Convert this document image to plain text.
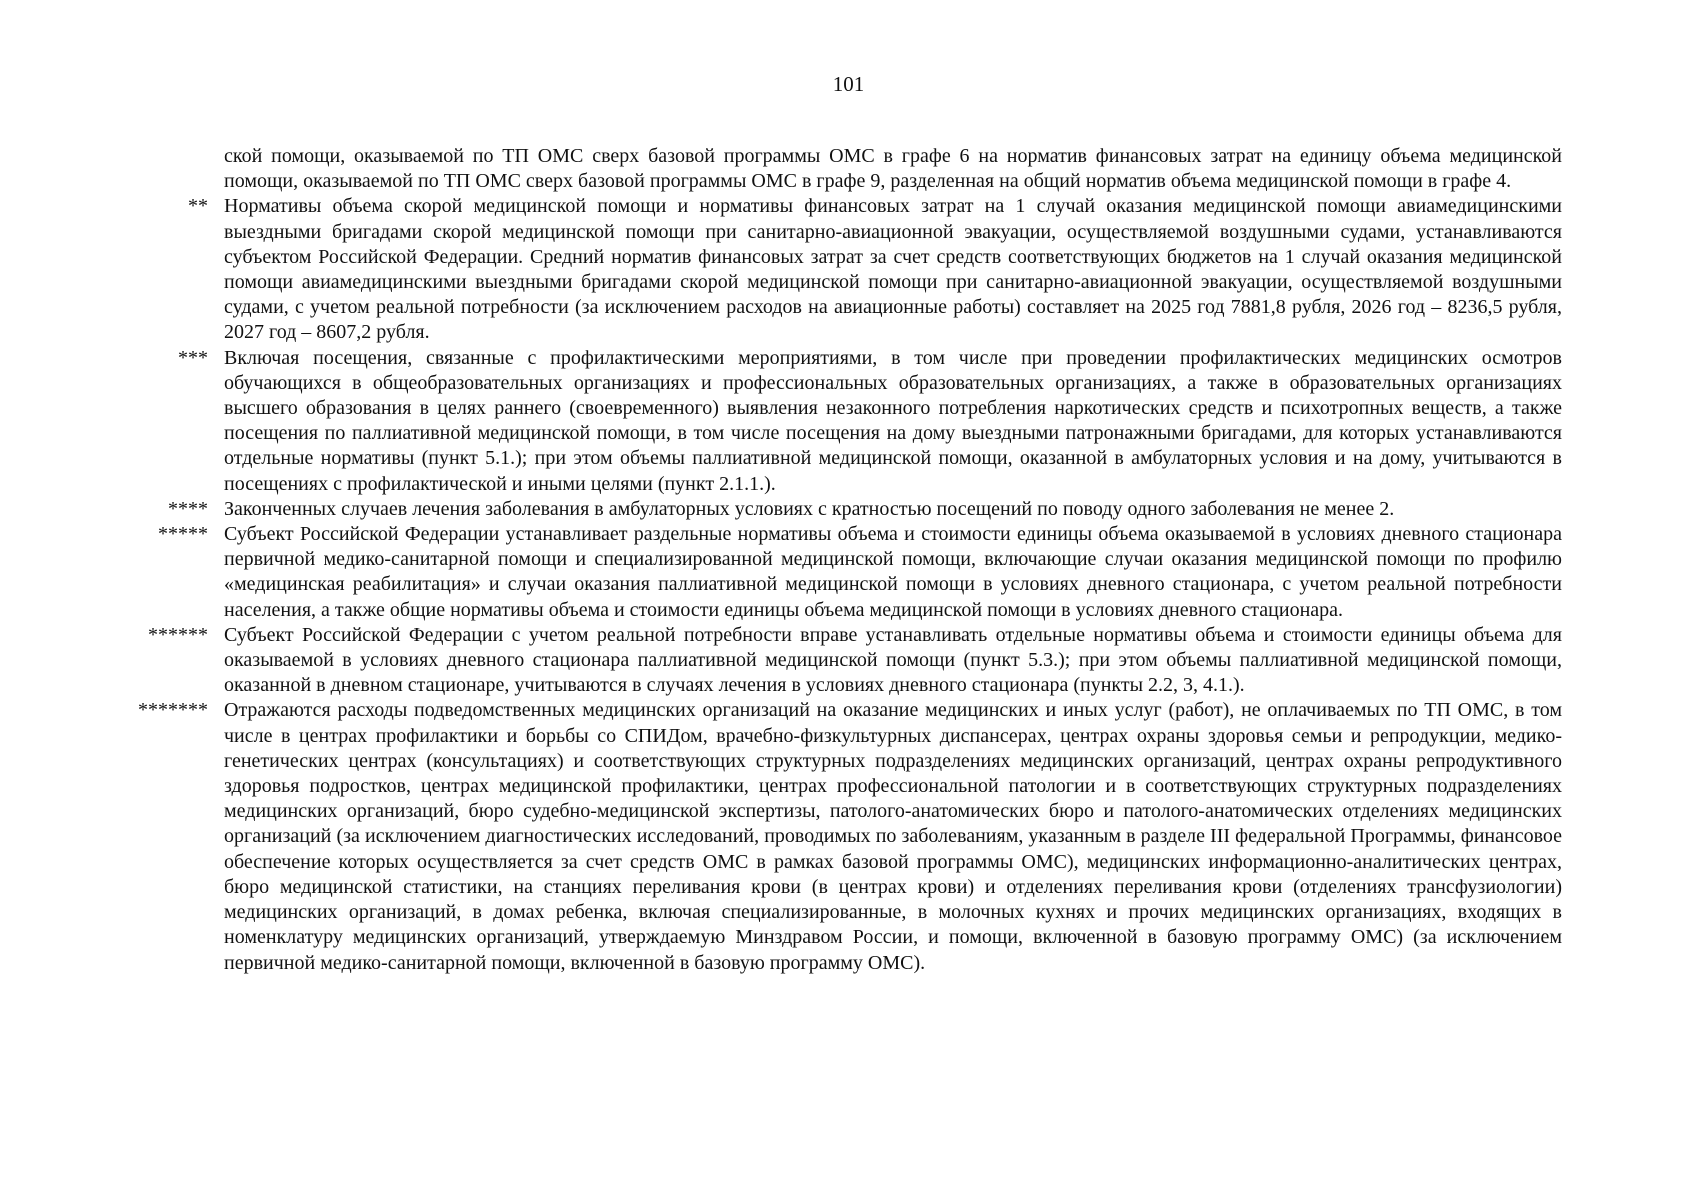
101

ской помощи, оказываемой по ТП ОМС сверх базовой программы ОМС в графе 6 на норматив финансовых затрат на единицу объема медицинской помощи, оказываемой по ТП ОМС сверх базовой программы ОМС в графе 9, разделенная на общий норматив объема медицинской помощи в графе 4.

** Нормативы объема скорой медицинской помощи и нормативы финансовых затрат на 1 случай оказания медицинской помощи авиамедицинскими выездными бригадами скорой медицинской помощи при санитарно-авиационной эвакуации, осуществляемой воздушными судами, устанавливаются субъектом Российской Федерации. Средний норматив финансовых затрат за счет средств соответствующих бюджетов на 1 случай оказания медицинской помощи авиамедицинскими выездными бригадами скорой медицинской помощи при санитарно-авиационной эвакуации, осуществляемой воздушными судами, с учетом реальной потребности (за исключением расходов на авиационные работы) составляет на 2025 год 7881,8 рубля, 2026 год – 8236,5 рубля, 2027 год – 8607,2 рубля.

*** Включая посещения, связанные с профилактическими мероприятиями, в том числе при проведении профилактических медицинских осмотров обучающихся в общеобразовательных организациях и профессиональных образовательных организациях, а также в образовательных организациях высшего образования в целях раннего (своевременного) выявления незаконного потребления наркотических средств и психотропных веществ, а также посещения по паллиативной медицинской помощи, в том числе посещения на дому выездными патронажными бригадами, для которых устанавливаются отдельные нормативы (пункт 5.1.); при этом объемы паллиативной медицинской помощи, оказанной в амбулаторных условия и на дому, учитываются в посещениях с профилактической и иными целями (пункт 2.1.1.).

**** Законченных случаев лечения заболевания в амбулаторных условиях с кратностью посещений по поводу одного заболевания не менее 2.

***** Субъект Российской Федерации устанавливает раздельные нормативы объема и стоимости единицы объема оказываемой в условиях дневного стационара первичной медико-санитарной помощи и специализированной медицинской помощи, включающие случаи оказания медицинской помощи по профилю «медицинская реабилитация» и случаи оказания паллиативной медицинской помощи в условиях дневного стационара, с учетом реальной потребности населения, а также общие нормативы объема и стоимости единицы объема медицинской помощи в условиях дневного стационара.

****** Субъект Российской Федерации с учетом реальной потребности вправе устанавливать отдельные нормативы объема и стоимости единицы объема для оказываемой в условиях дневного стационара паллиативной медицинской помощи (пункт 5.3.); при этом объемы паллиативной медицинской помощи, оказанной в дневном стационаре, учитываются в случаях лечения в условиях дневного стационара (пункты 2.2, 3, 4.1.).

******* Отражаются расходы подведомственных медицинских организаций на оказание медицинских и иных услуг (работ), не оплачиваемых по ТП ОМС, в том числе в центрах профилактики и борьбы со СПИДом, врачебно-физкультурных диспансерах, центрах охраны здоровья семьи и репродукции, медико-генетических центрах (консультациях) и соответствующих структурных подразделениях медицинских организаций, центрах охраны репродуктивного здоровья подростков, центрах медицинской профилактики, центрах профессиональной патологии и в соответствующих структурных подразделениях медицинских организаций, бюро судебно-медицинской экспертизы, патолого-анатомических бюро и патолого-анатомических отделениях медицинских организаций (за исключением диагностических исследований, проводимых по заболеваниям, указанным в разделе III федеральной Программы, финансовое обеспечение которых осуществляется за счет средств ОМС в рамках базовой программы ОМС), медицинских информационно-аналитических центрах, бюро медицинской статистики, на станциях переливания крови (в центрах крови) и отделениях переливания крови (отделениях трансфузиологии) медицинских организаций, в домах ребенка, включая специализированные, в молочных кухнях и прочих медицинских организациях, входящих в номенклатуру медицинских организаций, утверждаемую Минздравом России, и помощи, включенной в базовую программу ОМС) (за исключением первичной медико-санитарной помощи, включенной в базовую программу ОМС).
